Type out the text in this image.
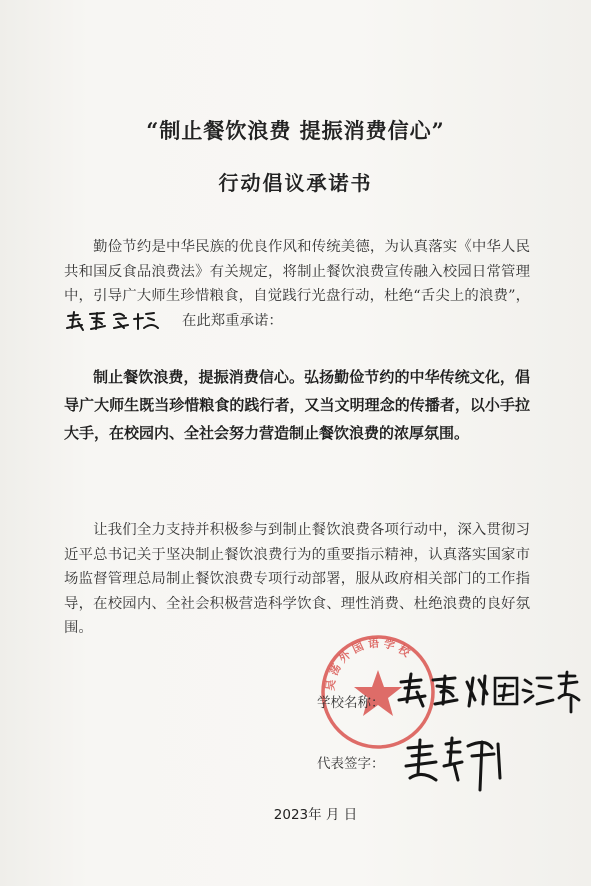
“制止餐饮浪费 提振消费信心”
行动倡议承诺书
勤俭节约是中华民族的优良作风和传统美德，为认真落实《中华人民共和国反食品浪费法》有关规定，将制止餐饮浪费宣传融入校园日常管理中，引导广大师生珍惜粮食，自觉践行光盘行动，杜绝“舌尖上的浪费”，在此郑重承诺：
制止餐饮浪费，提振消费信心。弘扬勤俭节约的中华传统文化，倡导广大师生既当珍惜粮食的践行者，又当文明理念的传播者，以小手拉大手，在校园内、全社会努力营造制止餐饮浪费的浓厚氛围。
让我们全力支持并积极参与到制止餐饮浪费各项行动中，深入贯彻习近平总书记关于坚决制止餐饮浪费行为的重要指示精神，认真落实国家市场监督管理总局制止餐饮浪费专项行动部署，服从政府相关部门的工作指导，在校园内、全社会积极营造科学饮食、理性消费、杜绝浪费的良好氛围。
吴 荡 外 国 语 学 校
学校名称：
代表签字：
2023年 月 日
